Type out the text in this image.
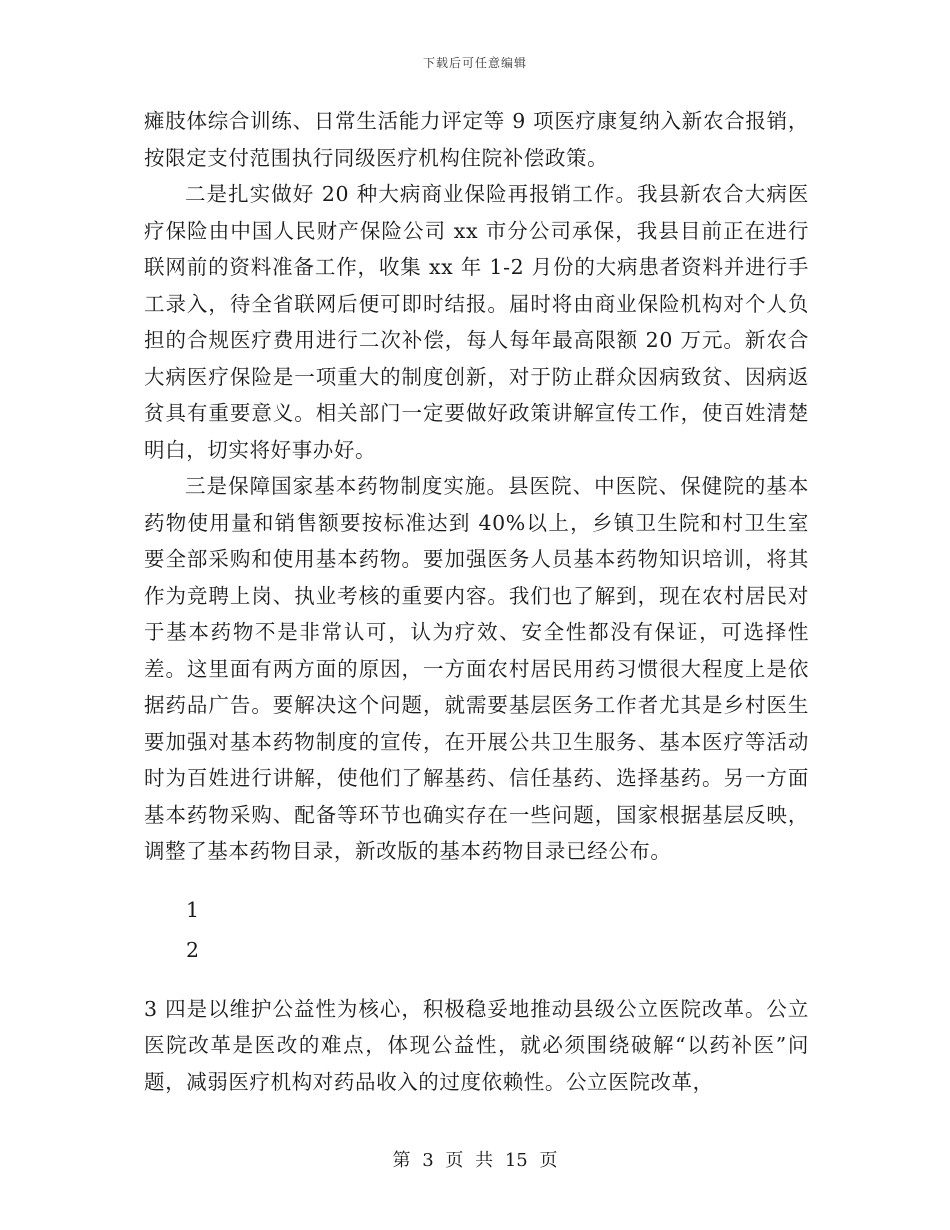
下载后可任意编辑

瘫肢体综合训练、日常生活能力评定等 9 项医疗康复纳入新农合报销，按限定支付范围执行同级医疗机构住院补偿政策。

二是扎实做好 20 种大病商业保险再报销工作。我县新农合大病医疗保险由中国人民财产保险公司 xx 市分公司承保，我县目前正在进行联网前的资料准备工作，收集 xx 年 1-2 月份的大病患者资料并进行手工录入，待全省联网后便可即时结报。届时将由商业保险机构对个人负担的合规医疗费用进行二次补偿，每人每年最高限额 20 万元。新农合大病医疗保险是一项重大的制度创新，对于防止群众因病致贫、因病返贫具有重要意义。相关部门一定要做好政策讲解宣传工作，使百姓清楚明白，切实将好事办好。

三是保障国家基本药物制度实施。县医院、中医院、保健院的基本药物使用量和销售额要按标准达到 40%以上，乡镇卫生院和村卫生室要全部采购和使用基本药物。要加强医务人员基本药物知识培训，将其作为竞聘上岗、执业考核的重要内容。我们也了解到，现在农村居民对于基本药物不是非常认可，认为疗效、安全性都没有保证，可选择性差。这里面有两方面的原因，一方面农村居民用药习惯很大程度上是依据药品广告。要解决这个问题，就需要基层医务工作者尤其是乡村医生要加强对基本药物制度的宣传，在开展公共卫生服务、基本医疗等活动时为百姓进行讲解，使他们了解基药、信任基药、选择基药。另一方面基本药物采购、配备等环节也确实存在一些问题，国家根据基层反映，调整了基本药物目录，新改版的基本药物目录已经公布。

1

2

3 四是以维护公益性为核心，积极稳妥地推动县级公立医院改革。公立医院改革是医改的难点，体现公益性，就必须围绕破解“以药补医”问题，减弱医疗机构对药品收入的过度依赖性。公立医院改革，

第 3 页 共 15 页
